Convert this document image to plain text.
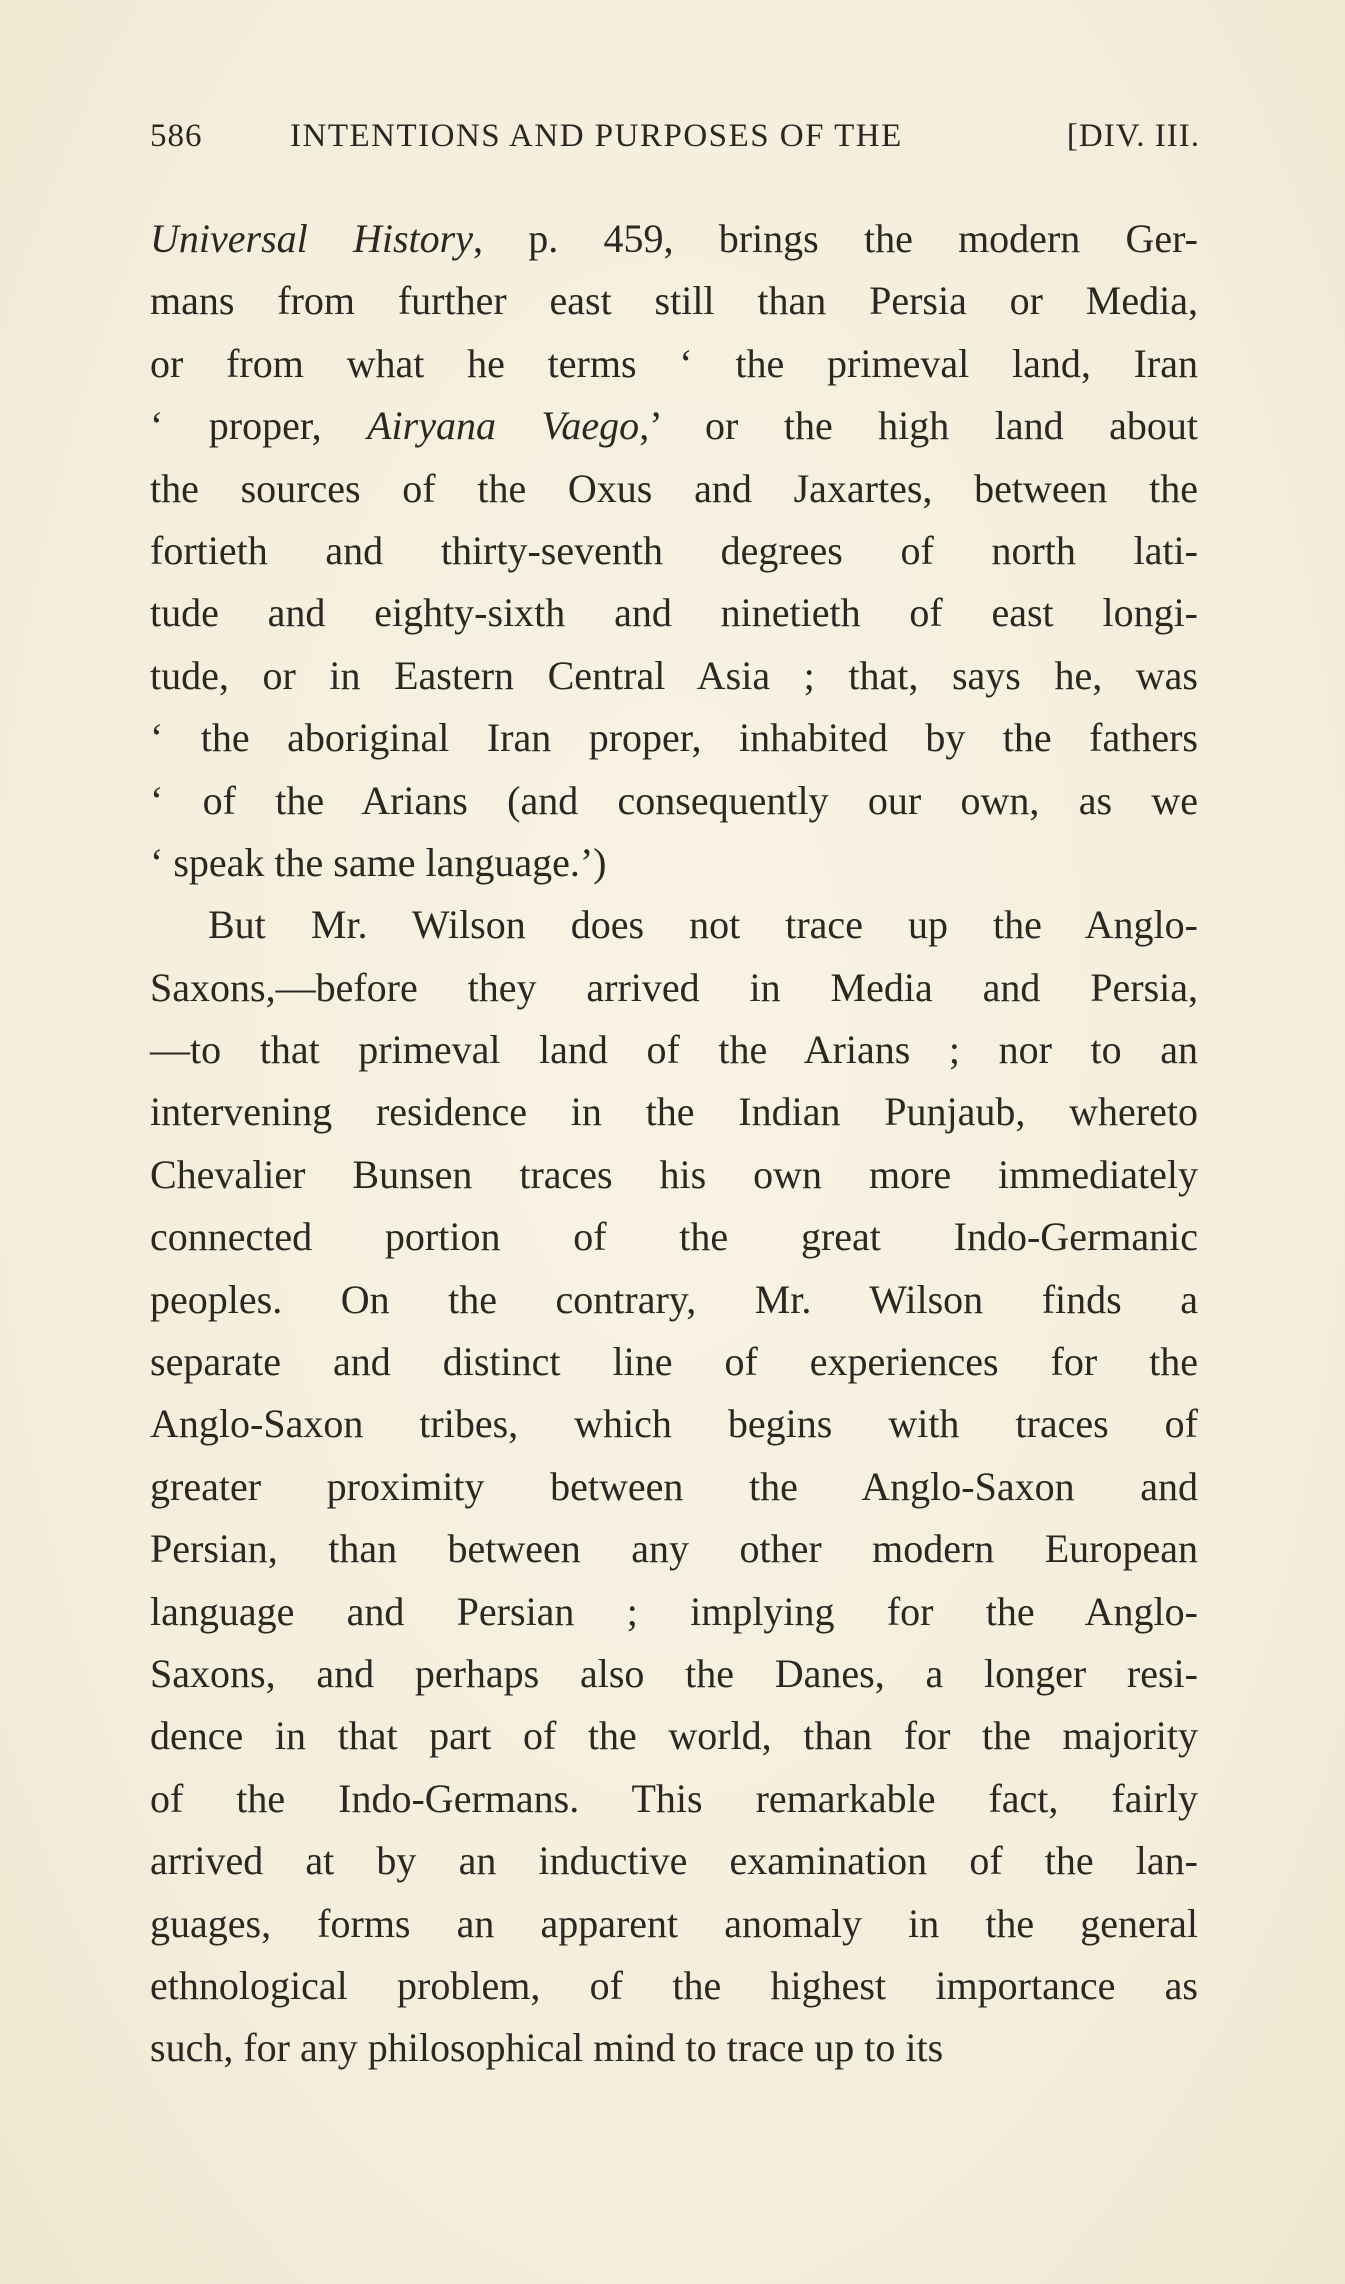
586	INTENTIONS AND PURPOSES OF THE	[DIV. III.
Universal History, p. 459, brings the modern Ger-
mans from further east still than Persia or Media,
or from what he terms ‘ the primeval land, Iran
‘ proper, Airyana Vaego,’ or the high land about
the sources of the Oxus and Jaxartes, between the
fortieth and thirty-seventh degrees of north lati-
tude and eighty-sixth and ninetieth of east longi-
tude, or in Eastern Central Asia ; that, says he, was
‘ the aboriginal Iran proper, inhabited by the fathers
‘ of the Arians (and consequently our own, as we
‘ speak the same language.’)
But Mr. Wilson does not trace up the Anglo-
Saxons,—before they arrived in Media and Persia,
—to that primeval land of the Arians ; nor to an
intervening residence in the Indian Punjaub, whereto
Chevalier Bunsen traces his own more immediately
connected portion of the great Indo-Germanic
peoples. On the contrary, Mr. Wilson finds a
separate and distinct line of experiences for the
Anglo-Saxon tribes, which begins with traces of
greater proximity between the Anglo-Saxon and
Persian, than between any other modern European
language and Persian ; implying for the Anglo-
Saxons, and perhaps also the Danes, a longer resi-
dence in that part of the world, than for the majority
of the Indo-Germans. This remarkable fact, fairly
arrived at by an inductive examination of the lan-
guages, forms an apparent anomaly in the general
ethnological problem, of the highest importance as
such, for any philosophical mind to trace up to its
